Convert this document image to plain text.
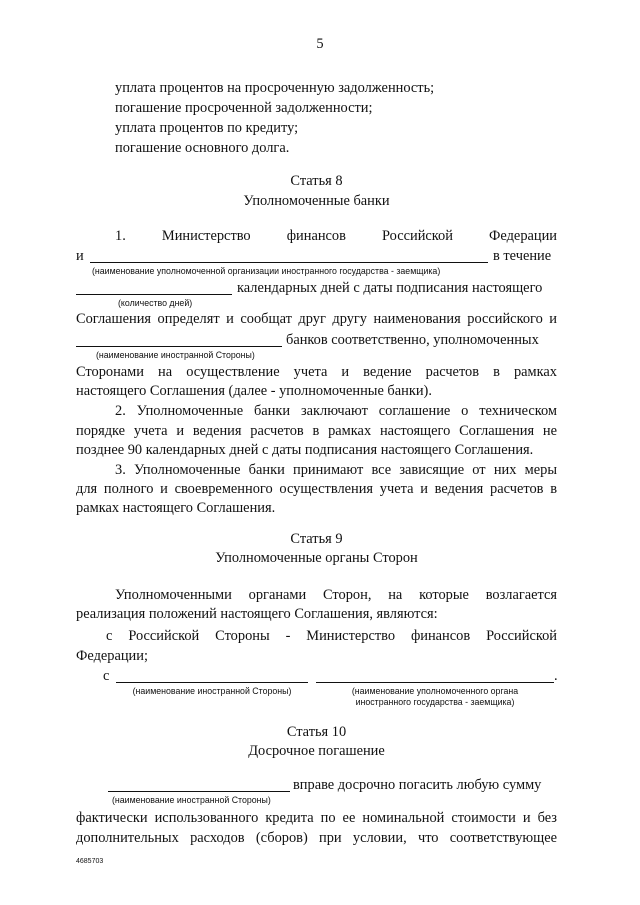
5
уплата процентов на просроченную задолженность;
погашение просроченной задолженности;
уплата процентов по кредиту;
погашение основного долга.
Статья 8
Уполномоченные банки
1. Министерство финансов Российской Федерации
и	в течение
(наименование уполномоченной организации иностранного государства - заемщика)
календарных дней с даты подписания настоящего
(количество дней)
Соглашения определят и сообщат друг другу наименования российского и
банков соответственно, уполномоченных
(наименование иностранной Стороны)
Сторонами на осуществление учета и ведение расчетов в рамках
настоящего Соглашения (далее - уполномоченные банки).
2. Уполномоченные банки заключают соглашение о техническом
порядке учета и ведения расчетов в рамках настоящего Соглашения не
позднее 90 календарных дней с даты подписания настоящего Соглашения.
3. Уполномоченные банки принимают все зависящие от них меры
для полного и своевременного осуществления учета и ведения расчетов в
рамках настоящего Соглашения.
Статья 9
Уполномоченные органы Сторон
Уполномоченными органами Сторон, на которые возлагается
реализация положений настоящего Соглашения, являются:
с Российской Стороны - Министерство финансов Российской
Федерации;
с	.
(наименование иностранной Стороны)	(наименование уполномоченного органа
иностранного государства - заемщика)
Статья 10
Досрочное погашение
вправе досрочно погасить любую сумму
(наименование иностранной Стороны)
фактически использованного кредита по ее номинальной стоимости и без
дополнительных расходов (сборов) при условии, что соответствующее
4685703
